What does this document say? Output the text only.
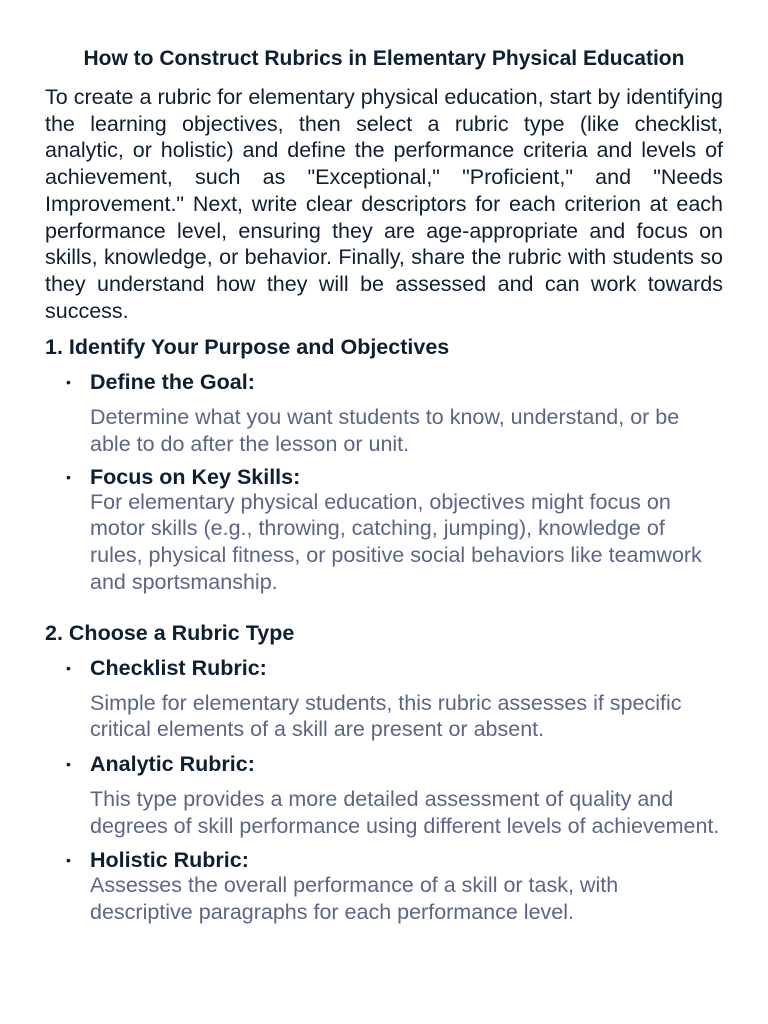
How to Construct Rubrics in Elementary Physical Education

To create a rubric for elementary physical education, start by identifying the learning objectives, then select a rubric type (like checklist, analytic, or holistic) and define the performance criteria and levels of achievement, such as "Exceptional," "Proficient," and "Needs Improvement." Next, write clear descriptors for each criterion at each performance level, ensuring they are age-appropriate and focus on skills, knowledge, or behavior. Finally, share the rubric with students so they understand how they will be assessed and can work towards success.

1. Identify Your Purpose and Objectives
• Define the Goal:
Determine what you want students to know, understand, or be able to do after the lesson or unit.
• Focus on Key Skills:
For elementary physical education, objectives might focus on motor skills (e.g., throwing, catching, jumping), knowledge of rules, physical fitness, or positive social behaviors like teamwork and sportsmanship.
2. Choose a Rubric Type
• Checklist Rubric:
Simple for elementary students, this rubric assesses if specific critical elements of a skill are present or absent.
• Analytic Rubric:
This type provides a more detailed assessment of quality and degrees of skill performance using different levels of achievement.
• Holistic Rubric:
Assesses the overall performance of a skill or task, with descriptive paragraphs for each performance level.
